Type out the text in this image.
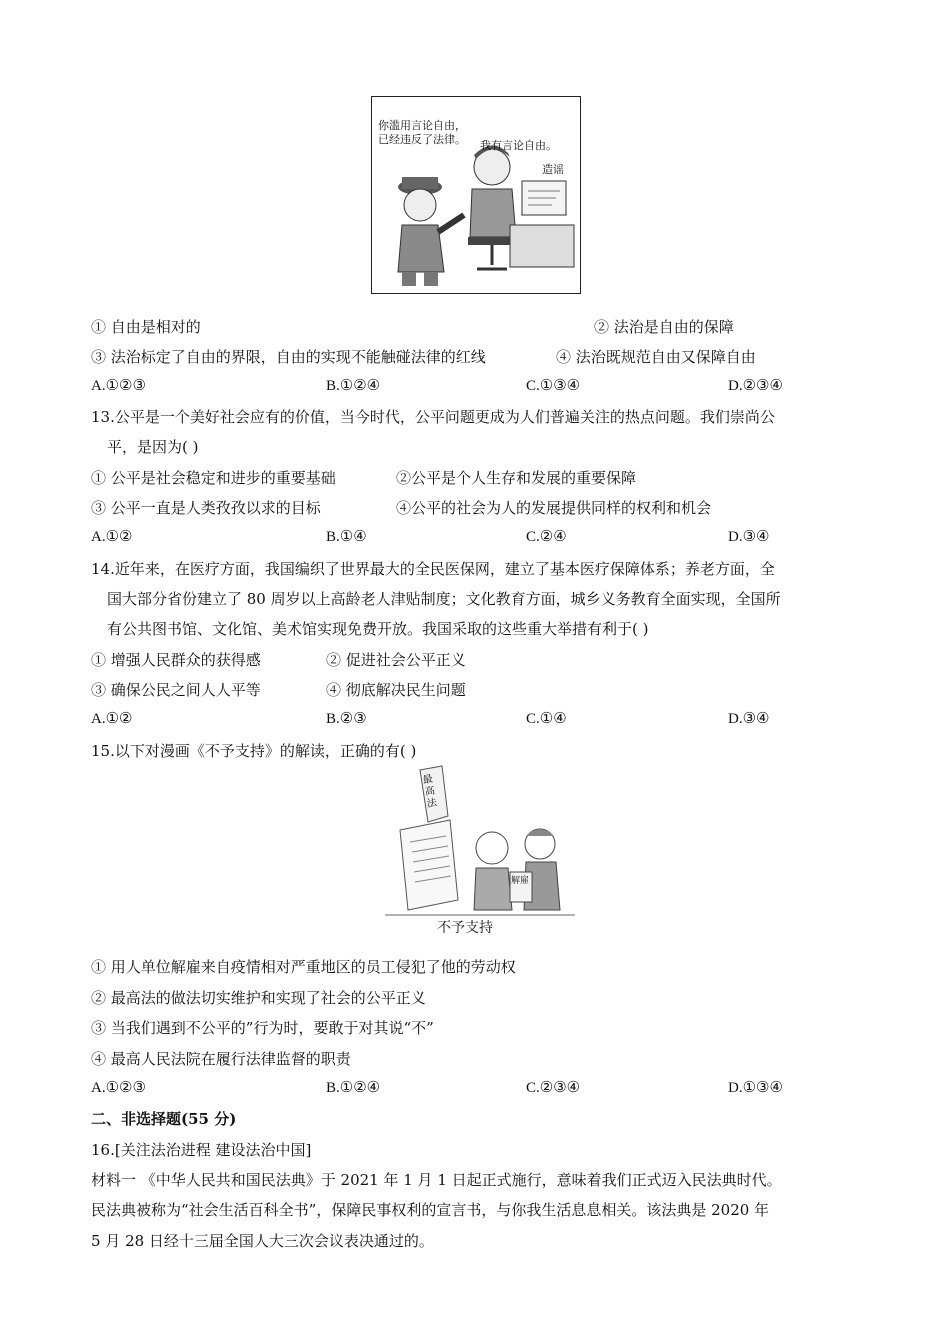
你滥用言论自由，已经违反了法律。	我有言论自由。
造谣
① 自由是相对的	② 法治是自由的保障
③ 法治标定了自由的界限，自由的实现不能触碰法律的红线	④ 法治既规范自由又保障自由
A.①②③	B.①②④	C.①③④	D.②③④
13.公平是一个美好社会应有的价值，当今时代，公平问题更成为人们普遍关注的热点问题。我们崇尚公
平，是因为( )
① 公平是社会稳定和进步的重要基础	②公平是个人生存和发展的重要保障
③ 公平一直是人类孜孜以求的目标	④公平的社会为人的发展提供同样的权利和机会
A.①②	B.①④	C.②④	D.③④
14.近年来，在医疗方面，我国编织了世界最大的全民医保网，建立了基本医疗保障体系；养老方面，全
国大部分省份建立了 80 周岁以上高龄老人津贴制度；文化教育方面，城乡义务教育全面实现，全国所
有公共图书馆、文化馆、美术馆实现免费开放。我国采取的这些重大举措有利于( )
① 增强人民群众的获得感	② 促进社会公平正义
③ 确保公民之间人人平等	④ 彻底解决民生问题
A.①②	B.②③	C.①④	D.③④
15.以下对漫画《不予支持》的解读，正确的有( )
最高法
解雇
不予支持
① 用人单位解雇来自疫情相对严重地区的员工侵犯了他的劳动权
② 最高法的做法切实维护和实现了社会的公平正义
③ 当我们遇到不公平的”行为时，要敢于对其说“不”
④ 最高人民法院在履行法律监督的职责
A.①②③	B.①②④	C.②③④	D.①③④
二、非选择题(55 分)
16.[关注法治进程 建设法治中国]
材料一 《中华人民共和国民法典》于 2021 年 1 月 1 日起正式施行，意味着我们正式迈入民法典时代。
民法典被称为“社会生活百科全书”，保障民事权利的宣言书，与你我生活息息相关。该法典是 2020 年
5 月 28 日经十三届全国人大三次会议表决通过的。
